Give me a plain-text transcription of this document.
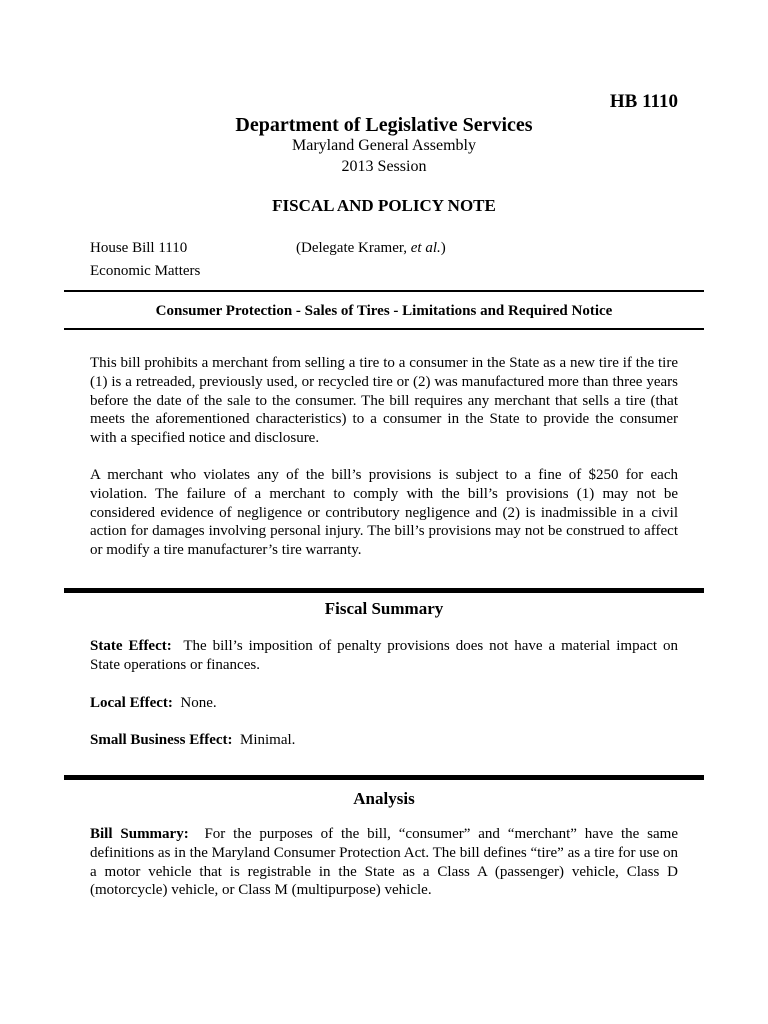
HB 1110
Department of Legislative Services
Maryland General Assembly
2013 Session
FISCAL AND POLICY NOTE
House Bill 1110	(Delegate Kramer, et al.)
Economic Matters
Consumer Protection - Sales of Tires - Limitations and Required Notice

This bill prohibits a merchant from selling a tire to a consumer in the State as a new tire if the tire (1) is a retreaded, previously used, or recycled tire or (2) was manufactured more than three years before the date of the sale to the consumer. The bill requires any merchant that sells a tire (that meets the aforementioned characteristics) to a consumer in the State to provide the consumer with a specified notice and disclosure.

A merchant who violates any of the bill’s provisions is subject to a fine of $250 for each violation. The failure of a merchant to comply with the bill’s provisions (1) may not be considered evidence of negligence or contributory negligence and (2) is inadmissible in a civil action for damages involving personal injury. The bill’s provisions may not be construed to affect or modify a tire manufacturer’s tire warranty.

Fiscal Summary

State Effect: The bill’s imposition of penalty provisions does not have a material impact on State operations or finances.

Local Effect: None.

Small Business Effect: Minimal.

Analysis

Bill Summary: For the purposes of the bill, “consumer” and “merchant” have the same definitions as in the Maryland Consumer Protection Act. The bill defines “tire” as a tire for use on a motor vehicle that is registrable in the State as a Class A (passenger) vehicle, Class D (motorcycle) vehicle, or Class M (multipurpose) vehicle.
